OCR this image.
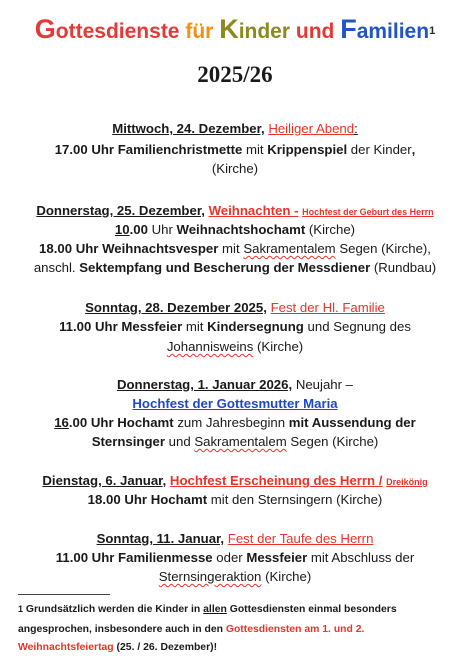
Gottesdienste für Kinder und Familien$^1$
2025/26
Mittwoch, 24. Dezember, Heiliger Abend:
17.00 Uhr Familienchristmette mit Krippenspiel der Kinder,
(Kirche)
Donnerstag, 25. Dezember, Weihnachten - Hochfest der Geburt des Herrn
10.00 Uhr Weihnachtshochamt (Kirche)
18.00 Uhr Weihnachtsvesper mit Sakramentalem Segen (Kirche),
anschl. Sektempfang und Bescherung der Messdiener (Rundbau)
Sonntag, 28. Dezember 2025, Fest der Hl. Familie
11.00 Uhr Messfeier mit Kindersegnung und Segnung des
Johannisweins (Kirche)
Donnerstag, 1. Januar 2026, Neujahr –
Hochfest der Gottesmutter Maria
16.00 Uhr Hochamt zum Jahresbeginn mit Aussendung der
Sternsinger und Sakramentalem Segen (Kirche)
Dienstag, 6. Januar, Hochfest Erscheinung des Herrn / Dreikönig
18.00 Uhr Hochamt mit den Sternsingern (Kirche)
Sonntag, 11. Januar, Fest der Taufe des Herrn
11.00 Uhr Familienmesse oder Messfeier mit Abschluss der
Sternsingeraktion (Kirche)
$^1$ Grundsätzlich werden die Kinder in allen Gottesdiensten einmal besonders
angesprochen, insbesondere auch in den Gottesdiensten am 1. und 2.
Weihnachtsfeiertag (25. / 26. Dezember)!
